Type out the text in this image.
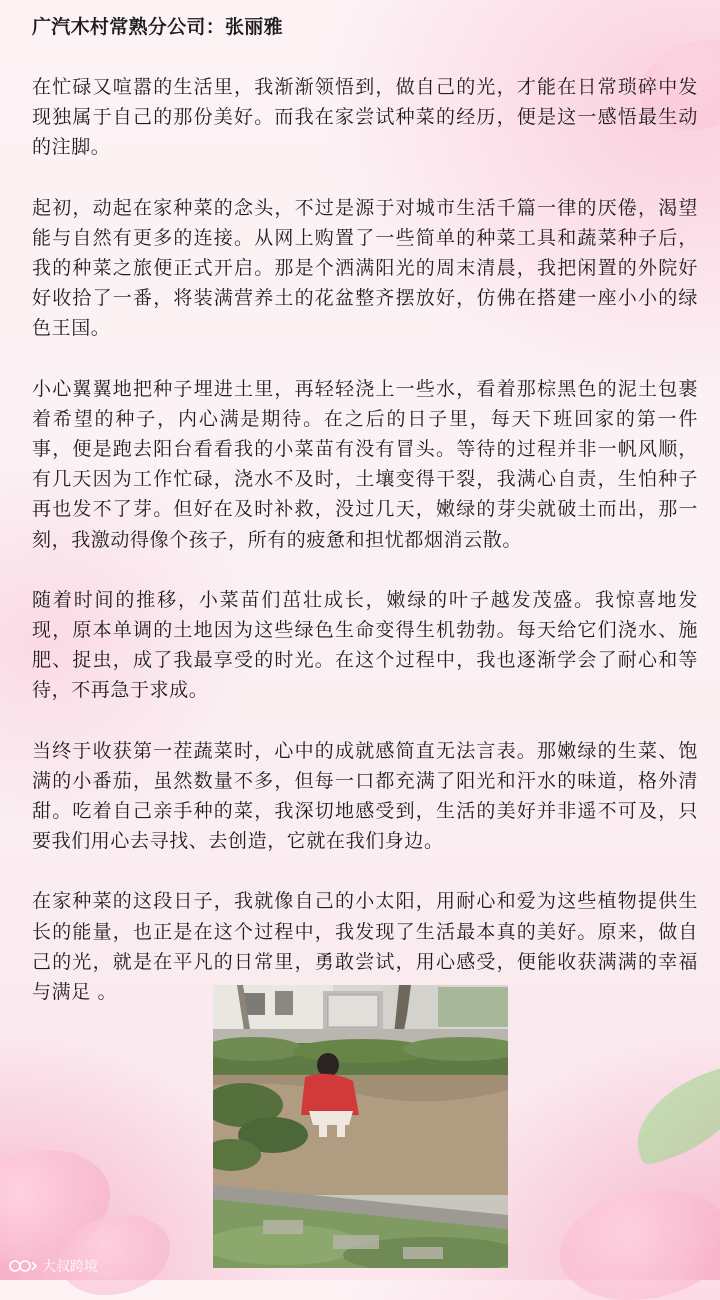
广汽木村常熟分公司：张丽雅

在忙碌又喧嚣的生活里，我渐渐领悟到，做自己的光，才能在日常琐碎中发现独属于自己的那份美好。而我在家尝试种菜的经历，便是这一感悟最生动的注脚。

起初，动起在家种菜的念头，不过是源于对城市生活千篇一律的厌倦，渴望能与自然有更多的连接。从网上购置了一些简单的种菜工具和蔬菜种子后，我的种菜之旅便正式开启。那是个洒满阳光的周末清晨，我把闲置的外院好好收拾了一番，将装满营养土的花盆整齐摆放好，仿佛在搭建一座小小的绿色王国。

小心翼翼地把种子埋进土里，再轻轻浇上一些水，看着那棕黑色的泥土包裹着希望的种子，内心满是期待。在之后的日子里，每天下班回家的第一件事，便是跑去阳台看看我的小菜苗有没有冒头。等待的过程并非一帆风顺，有几天因为工作忙碌，浇水不及时，土壤变得干裂，我满心自责，生怕种子再也发不了芽。但好在及时补救，没过几天，嫩绿的芽尖就破土而出，那一刻，我激动得像个孩子，所有的疲惫和担忧都烟消云散。

随着时间的推移，小菜苗们茁壮成长，嫩绿的叶子越发茂盛。我惊喜地发现，原本单调的土地因为这些绿色生命变得生机勃勃。每天给它们浇水、施肥、捉虫，成了我最享受的时光。在这个过程中，我也逐渐学会了耐心和等待，不再急于求成。

当终于收获第一茬蔬菜时，心中的成就感简直无法言表。那嫩绿的生菜、饱满的小番茄，虽然数量不多，但每一口都充满了阳光和汗水的味道，格外清甜。吃着自己亲手种的菜，我深切地感受到，生活的美好并非遥不可及，只要我们用心去寻找、去创造，它就在我们身边。

在家种菜的这段日子，我就像自己的小太阳，用耐心和爱为这些植物提供生长的能量，也正是在这个过程中，我发现了生活最本真的美好。原来，做自己的光，就是在平凡的日常里，勇敢尝试，用心感受，便能收获满满的幸福与满足 。

大叔跨境
